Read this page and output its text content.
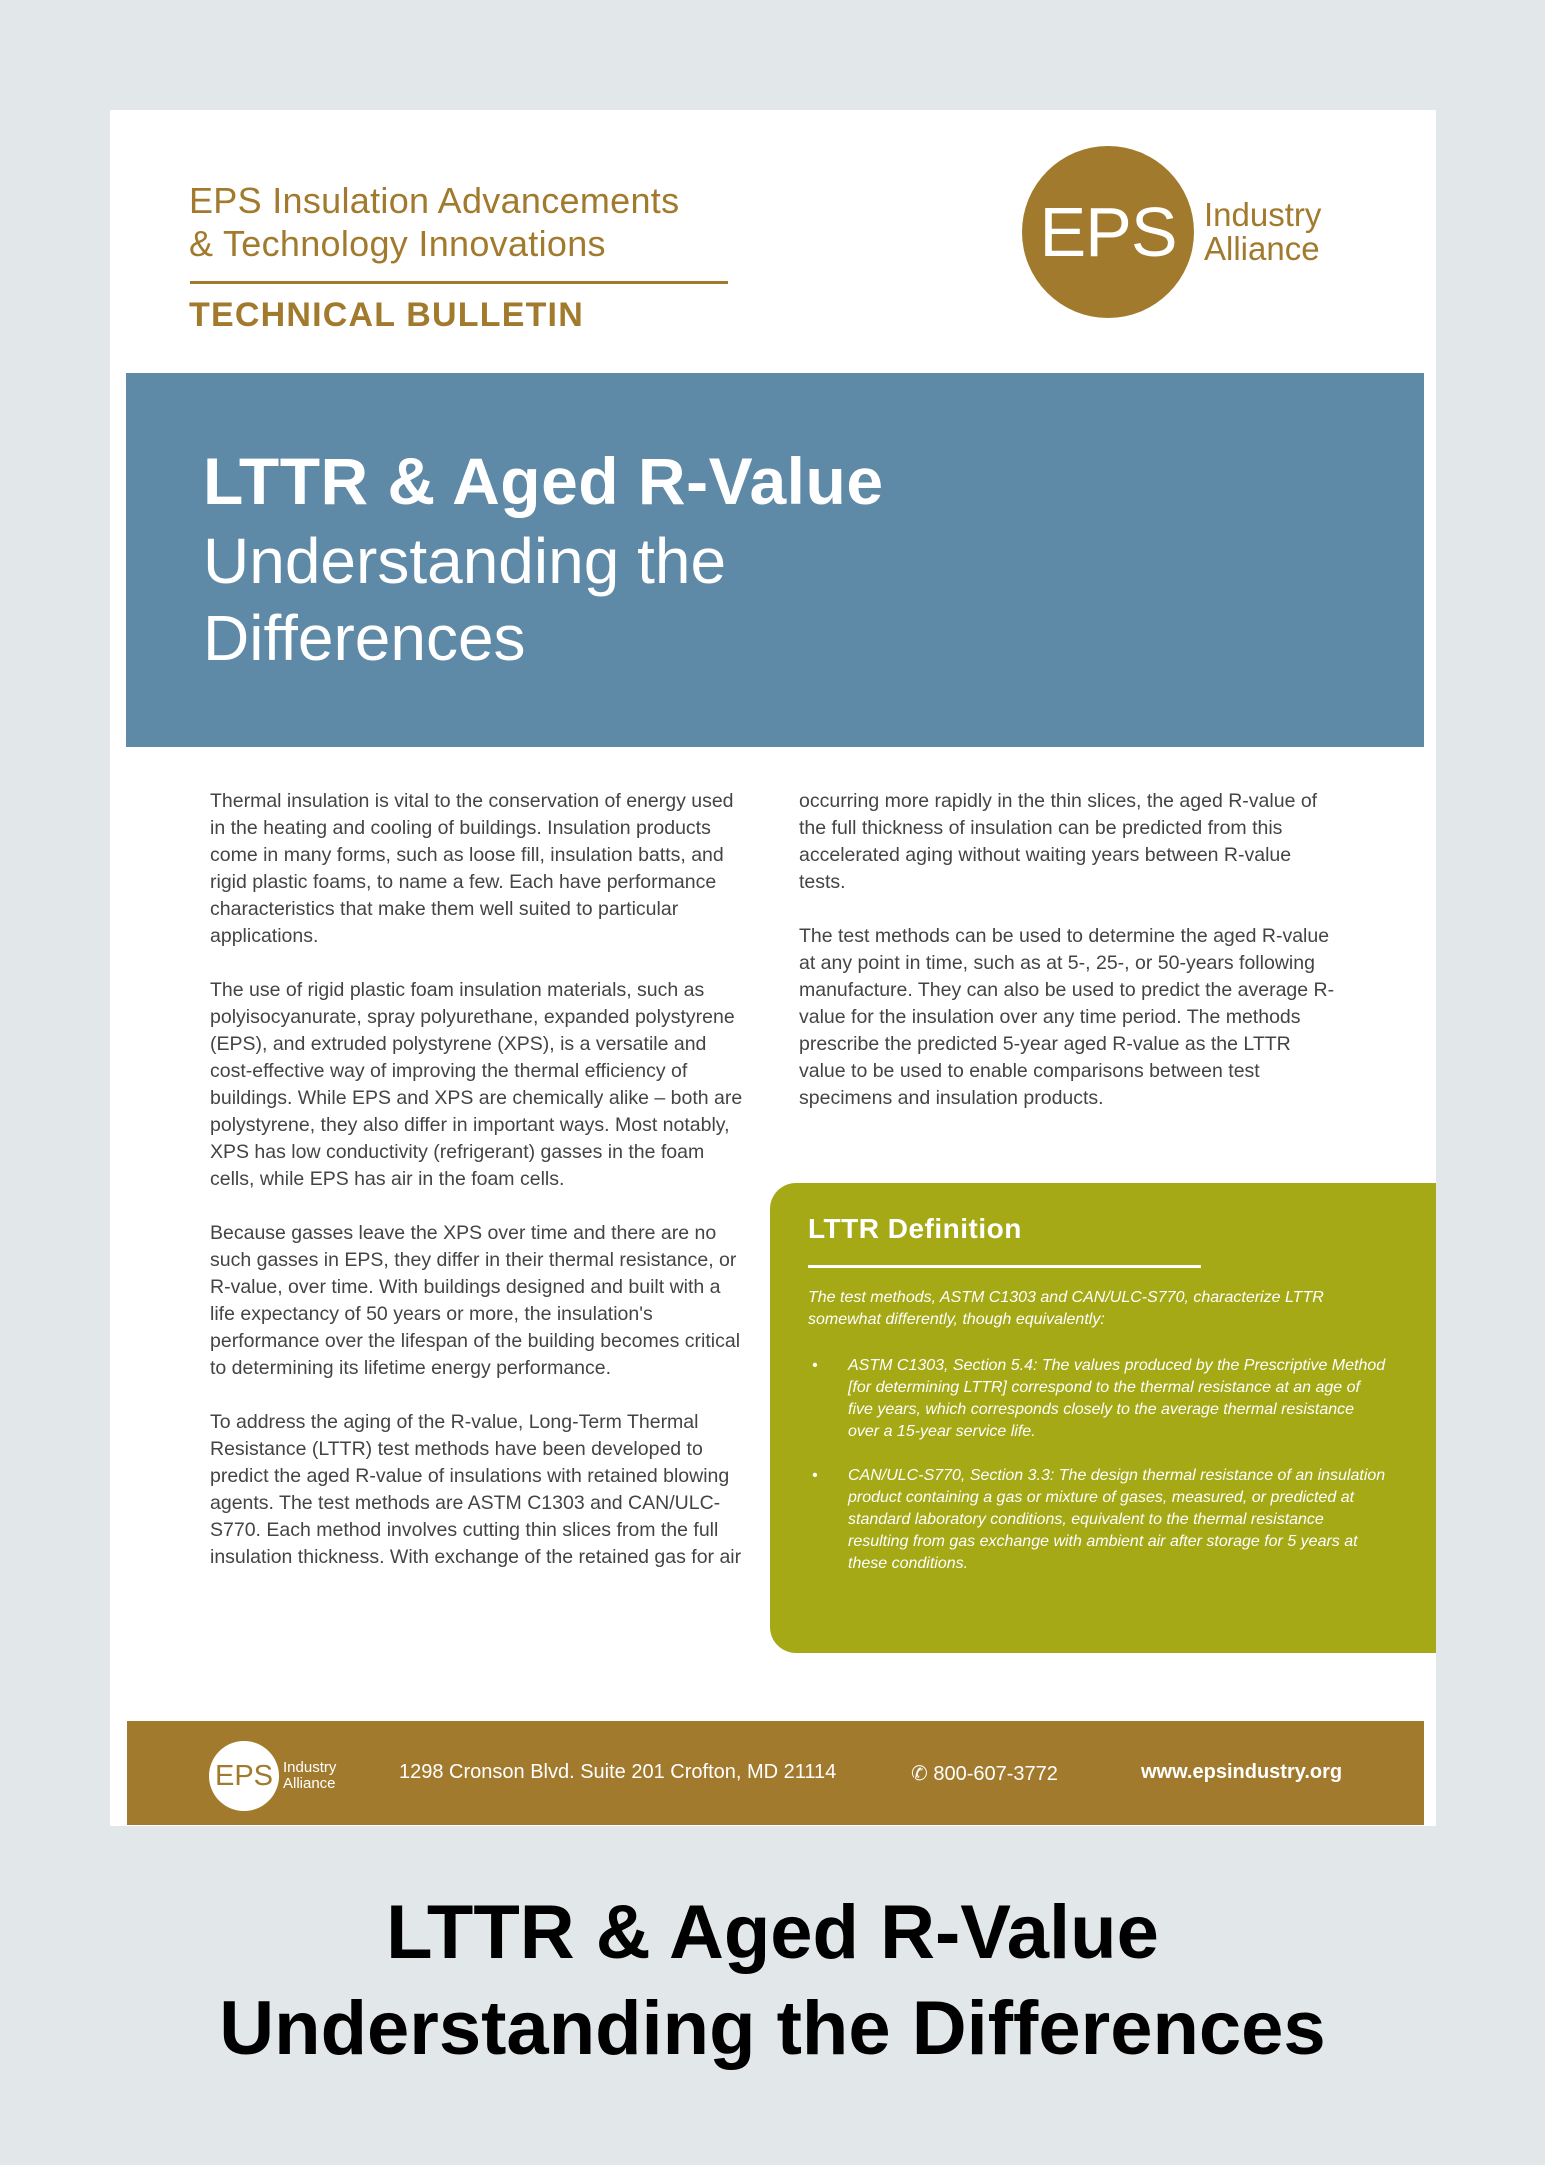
EPS Insulation Advancements
& Technology Innovations
TECHNICAL BULLETIN
EPS Industry
Alliance
LTTR & Aged R-Value
Understanding the
Differences

Thermal insulation is vital to the conservation of energy used in the heating and cooling of buildings. Insulation products come in many forms, such as loose fill, insulation batts, and rigid plastic foams, to name a few. Each have performance characteristics that make them well suited to particular applications.

The use of rigid plastic foam insulation materials, such as polyisocyanurate, spray polyurethane, expanded polystyrene (EPS), and extruded polystyrene (XPS), is a versatile and cost-effective way of improving the thermal efficiency of buildings. While EPS and XPS are chemically alike – both are polystyrene, they also differ in important ways. Most notably, XPS has low conductivity (refrigerant) gasses in the foam cells, while EPS has air in the foam cells.

Because gasses leave the XPS over time and there are no such gasses in EPS, they differ in their thermal resistance, or R-value, over time. With buildings designed and built with a life expectancy of 50 years or more, the insulation's performance over the lifespan of the building becomes critical to determining its lifetime energy performance.

To address the aging of the R-value, Long-Term Thermal Resistance (LTTR) test methods have been developed to predict the aged R-value of insulations with retained blowing agents. The test methods are ASTM C1303 and CAN/ULC-S770. Each method involves cutting thin slices from the full insulation thickness. With exchange of the retained gas for air

occurring more rapidly in the thin slices, the aged R-value of the full thickness of insulation can be predicted from this accelerated aging without waiting years between R-value tests.

The test methods can be used to determine the aged R-value at any point in time, such as at 5-, 25-, or 50-years following manufacture. They can also be used to predict the average R-value for the insulation over any time period. The methods prescribe the predicted 5-year aged R-value as the LTTR value to be used to enable comparisons between test specimens and insulation products.

LTTR Definition
The test methods, ASTM C1303 and CAN/ULC-S770, characterize LTTR somewhat differently, though equivalently:
• ASTM C1303, Section 5.4: The values produced by the Prescriptive Method [for determining LTTR] correspond to the thermal resistance at an age of five years, which corresponds closely to the average thermal resistance over a 15-year service life.
• CAN/ULC-S770, Section 3.3: The design thermal resistance of an insulation product containing a gas or mixture of gases, measured, or predicted at standard laboratory conditions, equivalent to the thermal resistance resulting from gas exchange with ambient air after storage for 5 years at these conditions.
EPS Industry
Alliance
1298 Cronson Blvd. Suite 201 Crofton, MD 21114	✆ 800-607-3772	www.epsindustry.org
LTTR & Aged R-Value
Understanding the Differences
